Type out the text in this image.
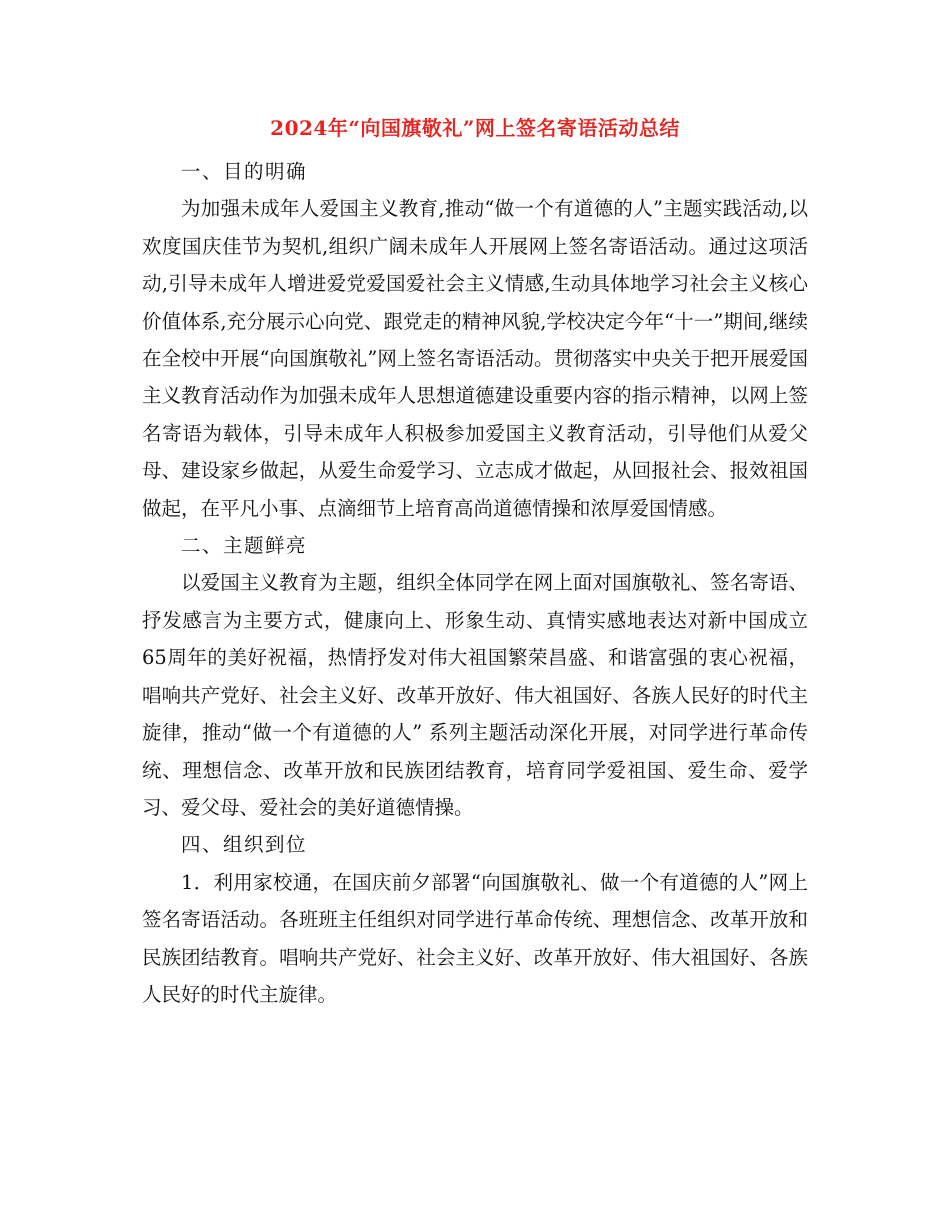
2024年“向国旗敬礼”网上签名寄语活动总结

一、目的明确

为加强未成年人爱国主义教育,推动“做一个有道德的人”主题实践活动,以欢度国庆佳节为契机,组织广阔未成年人开展网上签名寄语活动。通过这项活动,引导未成年人增进爱党爱国爱社会主义情感,生动具体地学习社会主义核心价值体系,充分展示心向党、跟党走的精神风貌,学校决定今年“十一”期间,继续在全校中开展“向国旗敬礼”网上签名寄语活动。贯彻落实中央关于把开展爱国主义教育活动作为加强未成年人思想道德建设重要内容的指示精神，以网上签名寄语为载体，引导未成年人积极参加爱国主义教育活动，引导他们从爱父母、建设家乡做起，从爱生命爱学习、立志成才做起，从回报社会、报效祖国做起，在平凡小事、点滴细节上培育高尚道德情操和浓厚爱国情感。

二、主题鲜亮

以爱国主义教育为主题，组织全体同学在网上面对国旗敬礼、签名寄语、抒发感言为主要方式，健康向上、形象生动、真情实感地表达对新中国成立65周年的美好祝福，热情抒发对伟大祖国繁荣昌盛、和谐富强的衷心祝福，唱响共产党好、社会主义好、改革开放好、伟大祖国好、各族人民好的时代主旋律，推动“做一个有道德的人” 系列主题活动深化开展，对同学进行革命传统、理想信念、改革开放和民族团结教育，培育同学爱祖国、爱生命、爱学习、爱父母、爱社会的美好道德情操。

四、组织到位

1．利用家校通，在国庆前夕部署“向国旗敬礼、做一个有道德的人”网上签名寄语活动。各班班主任组织对同学进行革命传统、理想信念、改革开放和民族团结教育。唱响共产党好、社会主义好、改革开放好、伟大祖国好、各族人民好的时代主旋律。
